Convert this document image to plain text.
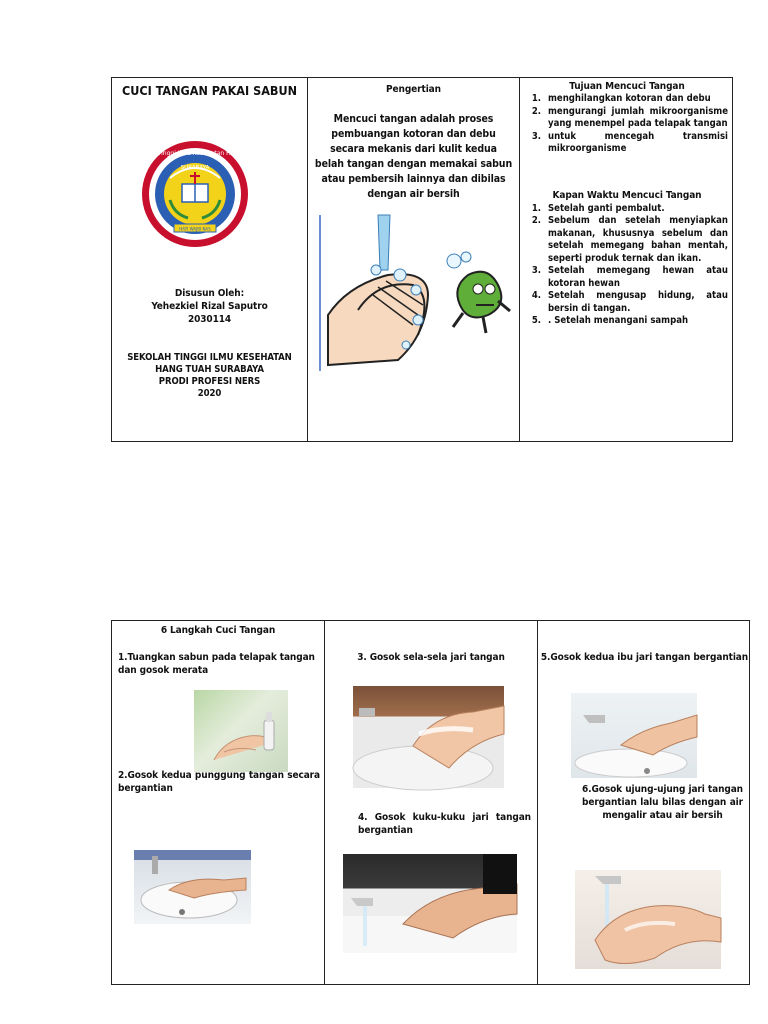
CUCI TANGAN PAKAI SABUN
Sekolah Tinggi Ilmu Kesehatan Hang Tuah
SURABAYA
HATI WAJIB NAS
Disusun Oleh:
Yehezkiel Rizal Saputro
2030114
SEKOLAH TINGGI ILMU KESEHATAN HANG TUAH SURABAYA
PRODI PROFESI NERS
2020
Pengertian
Mencuci tangan adalah proses pembuangan kotoran dan debu secara mekanis dari kulit kedua belah tangan dengan memakai sabun atau pembersih lainnya dan dibilas dengan air bersih
Tujuan Mencuci Tangan
1. menghilangkan kotoran dan debu
2. mengurangi jumlah mikroorganisme yang menempel pada telapak tangan
3. untuk mencegah transmisi mikroorganisme
Kapan Waktu Mencuci Tangan
1. Setelah ganti pembalut.
2. Sebelum dan setelah menyiapkan makanan, khususnya sebelum dan setelah memegang bahan mentah, seperti produk ternak dan ikan.
3. Setelah memegang hewan atau kotoran hewan
4. Setelah mengusap hidung, atau bersin di tangan.
5. . Setelah menangani sampah
6 Langkah Cuci Tangan
1.Tuangkan sabun pada telapak tangan dan gosok merata
2.Gosok kedua punggung tangan secara bergantian
3. Gosok sela-sela jari tangan
4. Gosok kuku-kuku jari tangan bergantian
5.Gosok kedua ibu jari tangan bergantian
6.Gosok ujung-ujung jari tangan bergantian lalu bilas dengan air mengalir atau air bersih
